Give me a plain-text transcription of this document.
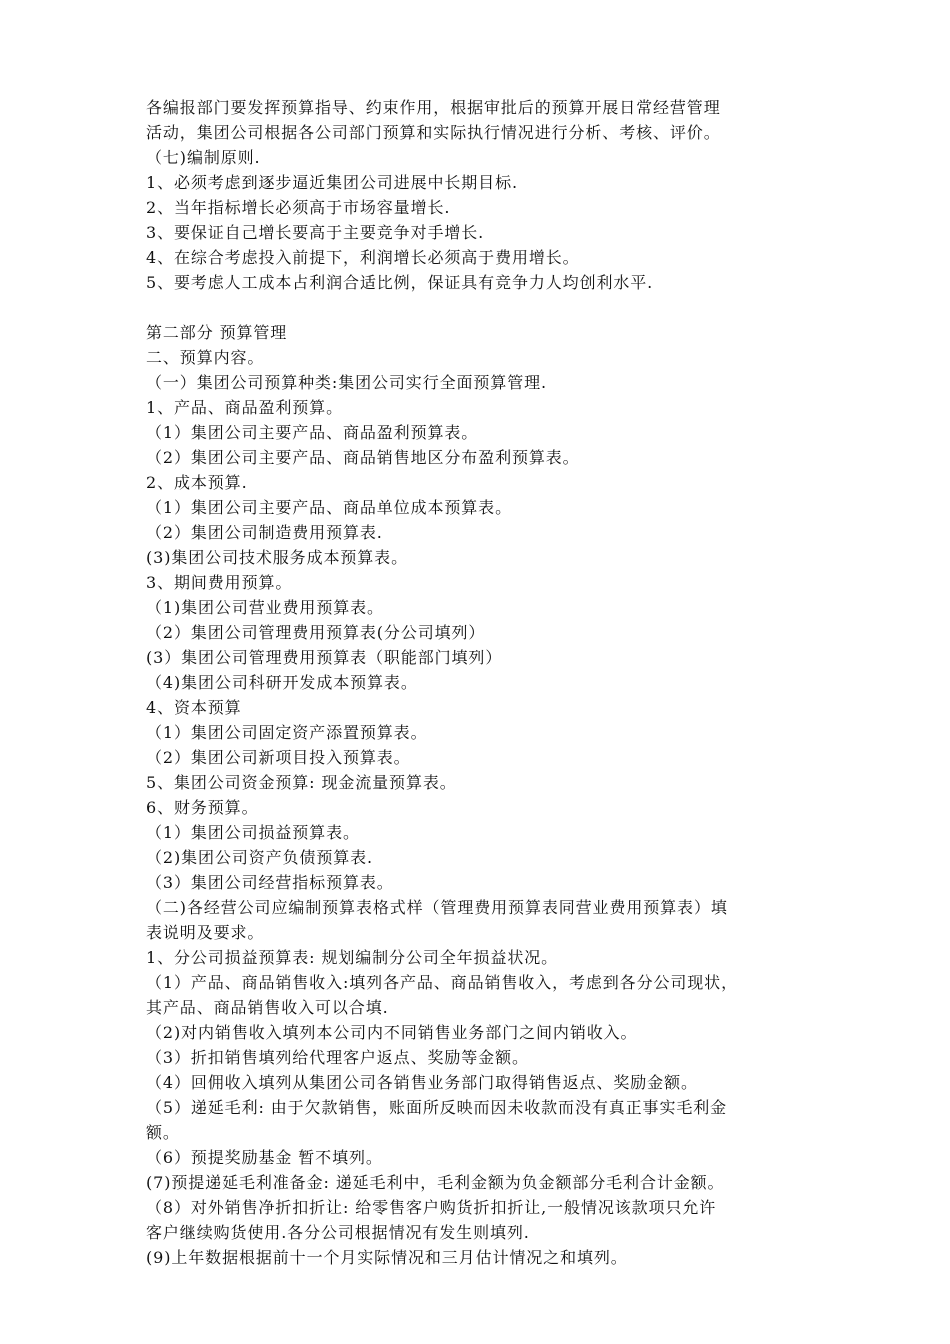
各编报部门要发挥预算指导、约束作用，根据审批后的预算开展日常经营管理
活动，集团公司根据各公司部门预算和实际执行情况进行分析、考核、评价。
（七)编制原则.
1、必须考虑到逐步逼近集团公司进展中长期目标.
2、当年指标增长必须高于市场容量增长.
3、要保证自己增长要高于主要竞争对手增长.
4、在综合考虑投入前提下，利润增长必须高于费用增长。
5、要考虑人工成本占利润合适比例，保证具有竞争力人均创利水平.
第二部分 预算管理
二、预算内容。
（一）集团公司预算种类:集团公司实行全面预算管理.
1、产品、商品盈利预算。
（1）集团公司主要产品、商品盈利预算表。
（2）集团公司主要产品、商品销售地区分布盈利预算表。
2、成本预算.
（1）集团公司主要产品、商品单位成本预算表。
（2）集团公司制造费用预算表.
(3)集团公司技术服务成本预算表。
3、期间费用预算。
（1)集团公司营业费用预算表。
（2）集团公司管理费用预算表(分公司填列）
(3）集团公司管理费用预算表（职能部门填列）
（4)集团公司科研开发成本预算表。
4、资本预算
（1）集团公司固定资产添置预算表。
（2）集团公司新项目投入预算表。
5、集团公司资金预算: 现金流量预算表。
6、财务预算。
（1）集团公司损益预算表。
（2)集团公司资产负债预算表.
（3）集团公司经营指标预算表。
（二)各经营公司应编制预算表格式样（管理费用预算表同营业费用预算表）填
表说明及要求。
1、分公司损益预算表: 规划编制分公司全年损益状况。
（1）产品、商品销售收入:填列各产品、商品销售收入，考虑到各分公司现状，
其产品、商品销售收入可以合填.
（2)对内销售收入填列本公司内不同销售业务部门之间内销收入。
（3）折扣销售填列给代理客户返点、奖励等金额。
（4）回佣收入填列从集团公司各销售业务部门取得销售返点、奖励金额。
（5）递延毛利: 由于欠款销售，账面所反映而因未收款而没有真正事实毛利金
额。
（6）预提奖励基金 暂不填列。
(7)预提递延毛利准备金: 递延毛利中，毛利金额为负金额部分毛利合计金额。
（8）对外销售净折扣折让: 给零售客户购货折扣折让,一般情况该款项只允许
客户继续购货使用.各分公司根据情况有发生则填列.
(9)上年数据根据前十一个月实际情况和三月估计情况之和填列。
